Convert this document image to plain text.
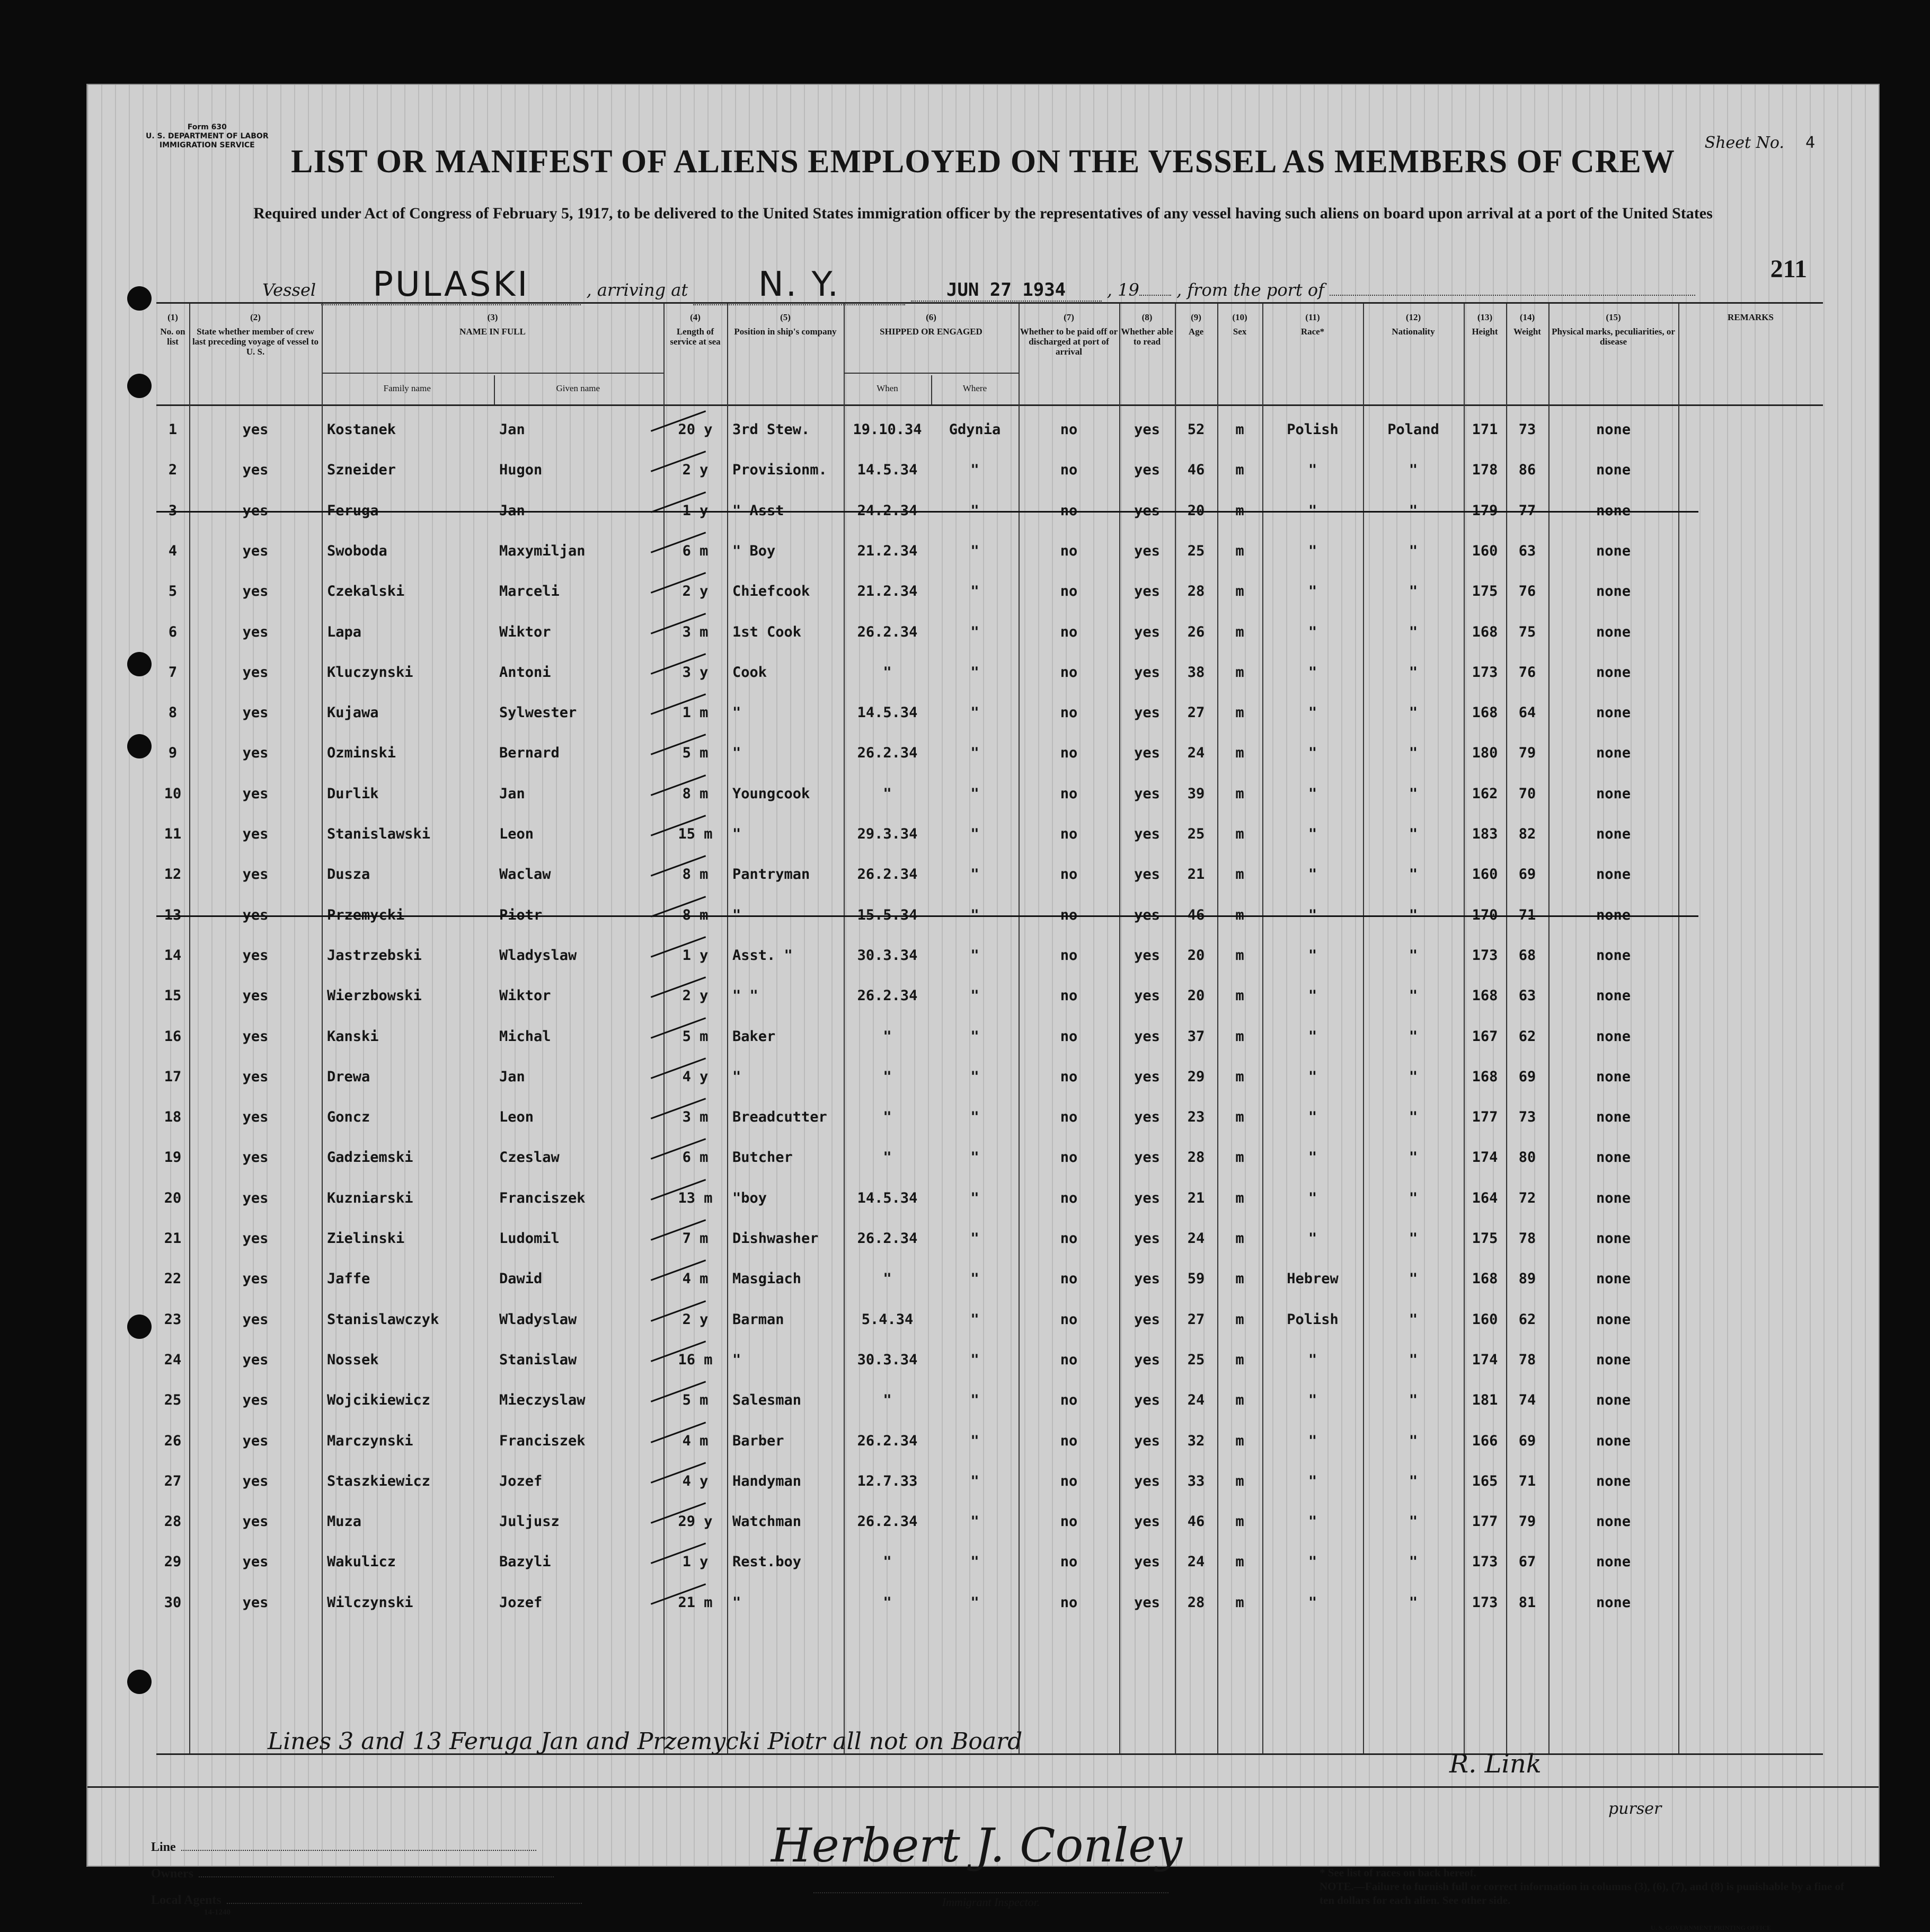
Form 630
U. S. DEPARTMENT OF LABOR
IMMIGRATION SERVICE	Sheet No. 4
LIST OR MANIFEST OF ALIENS EMPLOYED ON THE VESSEL AS MEMBERS OF CREW
Required under Act of Congress of February 5, 1917, to be delivered to the United States immigration officer by the representatives of any vessel having such aliens on board upon arrival at a port of the United States
Vessel PULASKI	, arriving at N. Y.	JUN 27 1934 , 19 , from the port of
211
(1)
No. on list
(2)
State whether member of crew last preceding voyage of vessel to U. S.
(4)
Length of service at sea
(5)
Position in ship's company
(7)
Whether to be paid off or discharged at port of arrival
(8)
Whether able to read
(9)
Age
(10)
Sex
(11)
Race*
(12)
Nationality
(13)
Height
(14)
Weight
(15)
Physical marks, peculiarities, or disease
REMARKS
(3)
NAME IN FULL
Family name	Given name
(6)
SHIPPED OR ENGAGED
When	Where
1	yes	Kostanek	Jan	20 y	3rd Stew.	19.10.34	Gdynia	no	yes	52	m	Polish	Poland	171	73	none
2	yes	Szneider	Hugon	2 y	Provisionm.	14.5.34	"	no	yes	46	m	"	"	178	86	none
3	yes	Feruga	Jan	1 y	" Asst	24.2.34	"	no	yes	20	m	"	"	179	77	none
4	yes	Swoboda	Maxymiljan	6 m	" Boy	21.2.34	"	no	yes	25	m	"	"	160	63	none
5	yes	Czekalski	Marceli	2 y	Chiefcook	21.2.34	"	no	yes	28	m	"	"	175	76	none
6	yes	Lapa	Wiktor	3 m	1st Cook	26.2.34	"	no	yes	26	m	"	"	168	75	none
7	yes	Kluczynski	Antoni	3 y	Cook	"	"	no	yes	38	m	"	"	173	76	none
8	yes	Kujawa	Sylwester	1 m	"	14.5.34	"	no	yes	27	m	"	"	168	64	none
9	yes	Ozminski	Bernard	5 m	"	26.2.34	"	no	yes	24	m	"	"	180	79	none
10	yes	Durlik	Jan	8 m	Youngcook	"	"	no	yes	39	m	"	"	162	70	none
11	yes	Stanislawski	Leon	15 m	"	29.3.34	"	no	yes	25	m	"	"	183	82	none
12	yes	Dusza	Waclaw	8 m	Pantryman	26.2.34	"	no	yes	21	m	"	"	160	69	none
13	yes	Przemycki	Piotr	8 m	"	15.5.34	"	no	yes	46	m	"	"	170	71	none
14	yes	Jastrzebski	Wladyslaw	1 y	Asst. "	30.3.34	"	no	yes	20	m	"	"	173	68	none
15	yes	Wierzbowski	Wiktor	2 y	" "	26.2.34	"	no	yes	20	m	"	"	168	63	none
16	yes	Kanski	Michal	5 m	Baker	"	"	no	yes	37	m	"	"	167	62	none
17	yes	Drewa	Jan	4 y	"	"	"	no	yes	29	m	"	"	168	69	none
18	yes	Goncz	Leon	3 m	Breadcutter	"	"	no	yes	23	m	"	"	177	73	none
19	yes	Gadziemski	Czeslaw	6 m	Butcher	"	"	no	yes	28	m	"	"	174	80	none
20	yes	Kuzniarski	Franciszek	13 m	"boy	14.5.34	"	no	yes	21	m	"	"	164	72	none
21	yes	Zielinski	Ludomil	7 m	Dishwasher	26.2.34	"	no	yes	24	m	"	"	175	78	none
22	yes	Jaffe	Dawid	4 m	Masgiach	"	"	no	yes	59	m	Hebrew	"	168	89	none
23	yes	Stanislawczyk	Wladyslaw	2 y	Barman	5.4.34	"	no	yes	27	m	Polish	"	160	62	none
24	yes	Nossek	Stanislaw	16 m	"	30.3.34	"	no	yes	25	m	"	"	174	78	none
25	yes	Wojcikiewicz	Mieczyslaw	5 m	Salesman	"	"	no	yes	24	m	"	"	181	74	none
26	yes	Marczynski	Franciszek	4 m	Barber	26.2.34	"	no	yes	32	m	"	"	166	69	none
27	yes	Staszkiewicz	Jozef	4 y	Handyman	12.7.33	"	no	yes	33	m	"	"	165	71	none
28	yes	Muza	Juljusz	29 y	Watchman	26.2.34	"	no	yes	46	m	"	"	177	79	none
29	yes	Wakulicz	Bazyli	1 y	Rest.boy	"	"	no	yes	24	m	"	"	173	67	none
30	yes	Wilczynski	Jozef	21 m	"	"	"	no	yes	28	m	"	"	173	81	none
Lines 3 and 13 Feruga Jan and Przemycki Piotr all not on Board
R. Link
purser
Line
Owners
Local Agents
14-1240
Herbert J. Conley
Immigrant Inspector.
* See list of races on back hereof.
NOTE.—Failure to furnish full or correct information in columns (3), (6), (7), and (8) is punishable by a fine of ten dollars for each alien. See other side.
U. S. GOVERNMENT PRINTING OFFICE
